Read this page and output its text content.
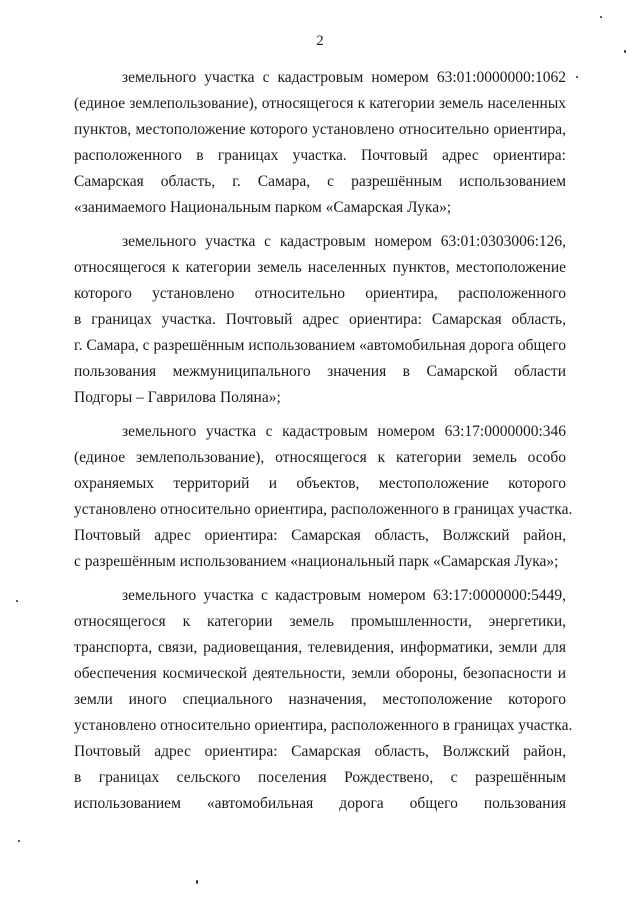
2
земельного участка с кадастровым номером 63:01:0000000:1062
(единое землепользование), относящегося к категории земель населенных
пунктов, местоположение которого установлено относительно ориентира,
расположенного в границах участка. Почтовый адрес ориентира:
Самарская область, г. Самара, с разрешённым использованием
«занимаемого Национальным парком «Самарская Лука»;
земельного участка с кадастровым номером 63:01:0303006:126,
относящегося к категории земель населенных пунктов, местоположение
которого установлено относительно ориентира, расположенного
в границах участка. Почтовый адрес ориентира: Самарская область,
г. Самара, с разрешённым использованием «автомобильная дорога общего
пользования межмуниципального значения в Самарской области
Подгоры – Гаврилова Поляна»;
земельного участка с кадастровым номером 63:17:0000000:346
(единое землепользование), относящегося к категории земель особо
охраняемых территорий и объектов, местоположение которого
установлено относительно ориентира, расположенного в границах участка.
Почтовый адрес ориентира: Самарская область, Волжский район,
с разрешённым использованием «национальный парк «Самарская Лука»;
земельного участка с кадастровым номером 63:17:0000000:5449,
относящегося к категории земель промышленности, энергетики,
транспорта, связи, радиовещания, телевидения, информатики, земли для
обеспечения космической деятельности, земли обороны, безопасности и
земли иного специального назначения, местоположение которого
установлено относительно ориентира, расположенного в границах участка.
Почтовый адрес ориентира: Самарская область, Волжский район,
в границах сельского поселения Рождествено, с разрешённым
использованием «автомобильная дорога общего пользования
